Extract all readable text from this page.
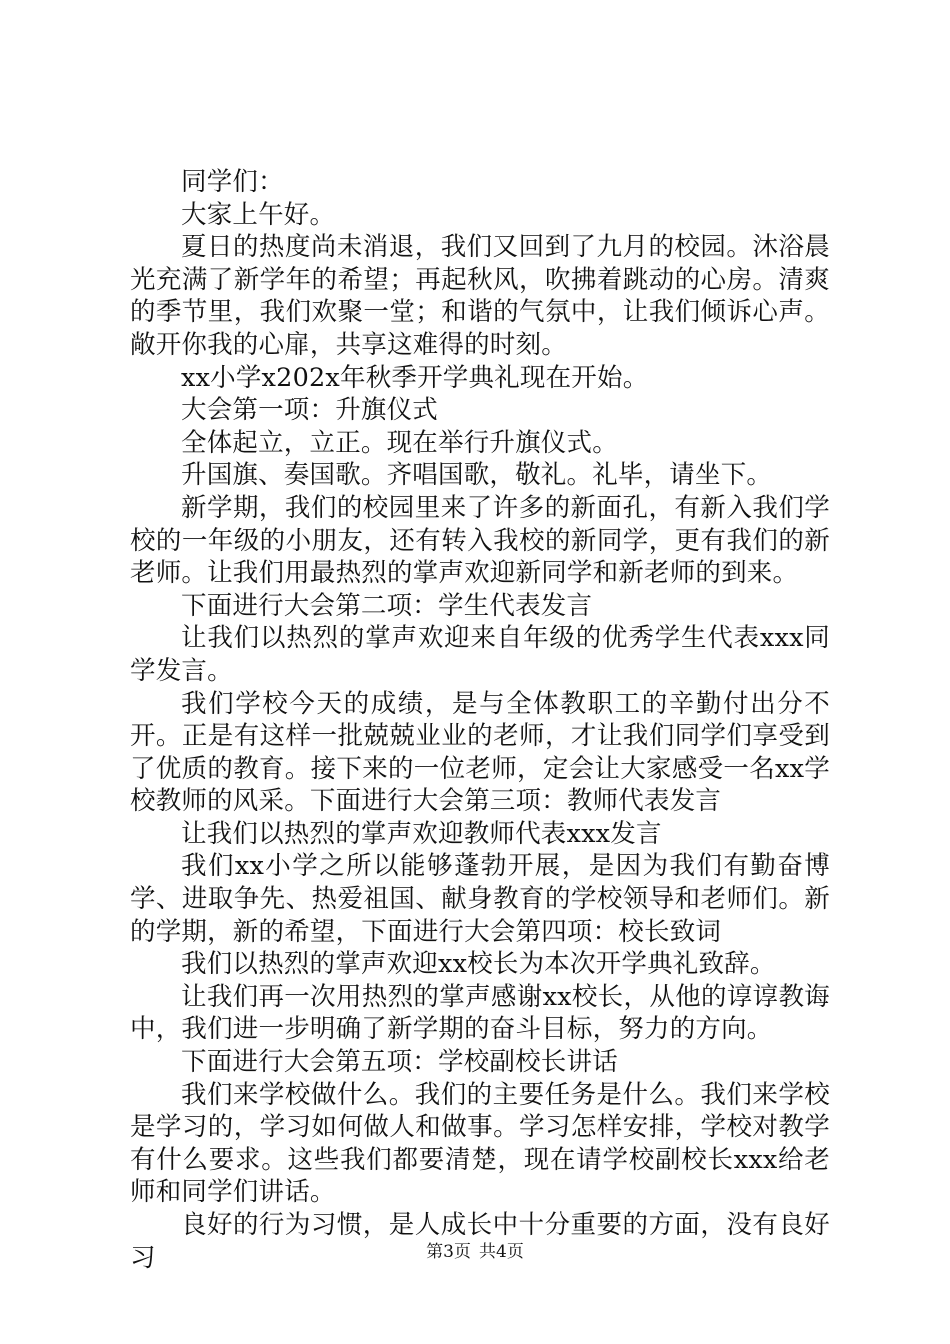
同学们：

大家上午好。

夏日的热度尚未消退，我们又回到了九月的校园。沐浴晨光充满了新学年的希望；再起秋风，吹拂着跳动的心房。清爽的季节里，我们欢聚一堂；和谐的气氛中，让我们倾诉心声。敞开你我的心扉，共享这难得的时刻。

xx小学x202x年秋季开学典礼现在开始。

大会第一项：升旗仪式

全体起立，立正。现在举行升旗仪式。

升国旗、奏国歌。齐唱国歌，敬礼。礼毕，请坐下。

新学期，我们的校园里来了许多的新面孔，有新入我们学校的一年级的小朋友，还有转入我校的新同学，更有我们的新老师。让我们用最热烈的掌声欢迎新同学和新老师的到来。

下面进行大会第二项：学生代表发言

让我们以热烈的掌声欢迎来自年级的优秀学生代表xxx同学发言。

我们学校今天的成绩，是与全体教职工的辛勤付出分不开。正是有这样一批兢兢业业的老师，才让我们同学们享受到了优质的教育。接下来的一位老师，定会让大家感受一名xx学校教师的风采。下面进行大会第三项：教师代表发言

让我们以热烈的掌声欢迎教师代表xxx发言

我们xx小学之所以能够蓬勃开展，是因为我们有勤奋博学、进取争先、热爱祖国、献身教育的学校领导和老师们。新的学期，新的希望，下面进行大会第四项：校长致词

我们以热烈的掌声欢迎xx校长为本次开学典礼致辞。

让我们再一次用热烈的掌声感谢xx校长，从他的谆谆教诲中，我们进一步明确了新学期的奋斗目标，努力的方向。

下面进行大会第五项：学校副校长讲话

我们来学校做什么。我们的主要任务是什么。我们来学校是学习的，学习如何做人和做事。学习怎样安排，学校对教学有什么要求。这些我们都要清楚，现在请学校副校长xxx给老师和同学们讲话。

良好的行为习惯，是人成长中十分重要的方面，没有良好习	第3页 共4页
